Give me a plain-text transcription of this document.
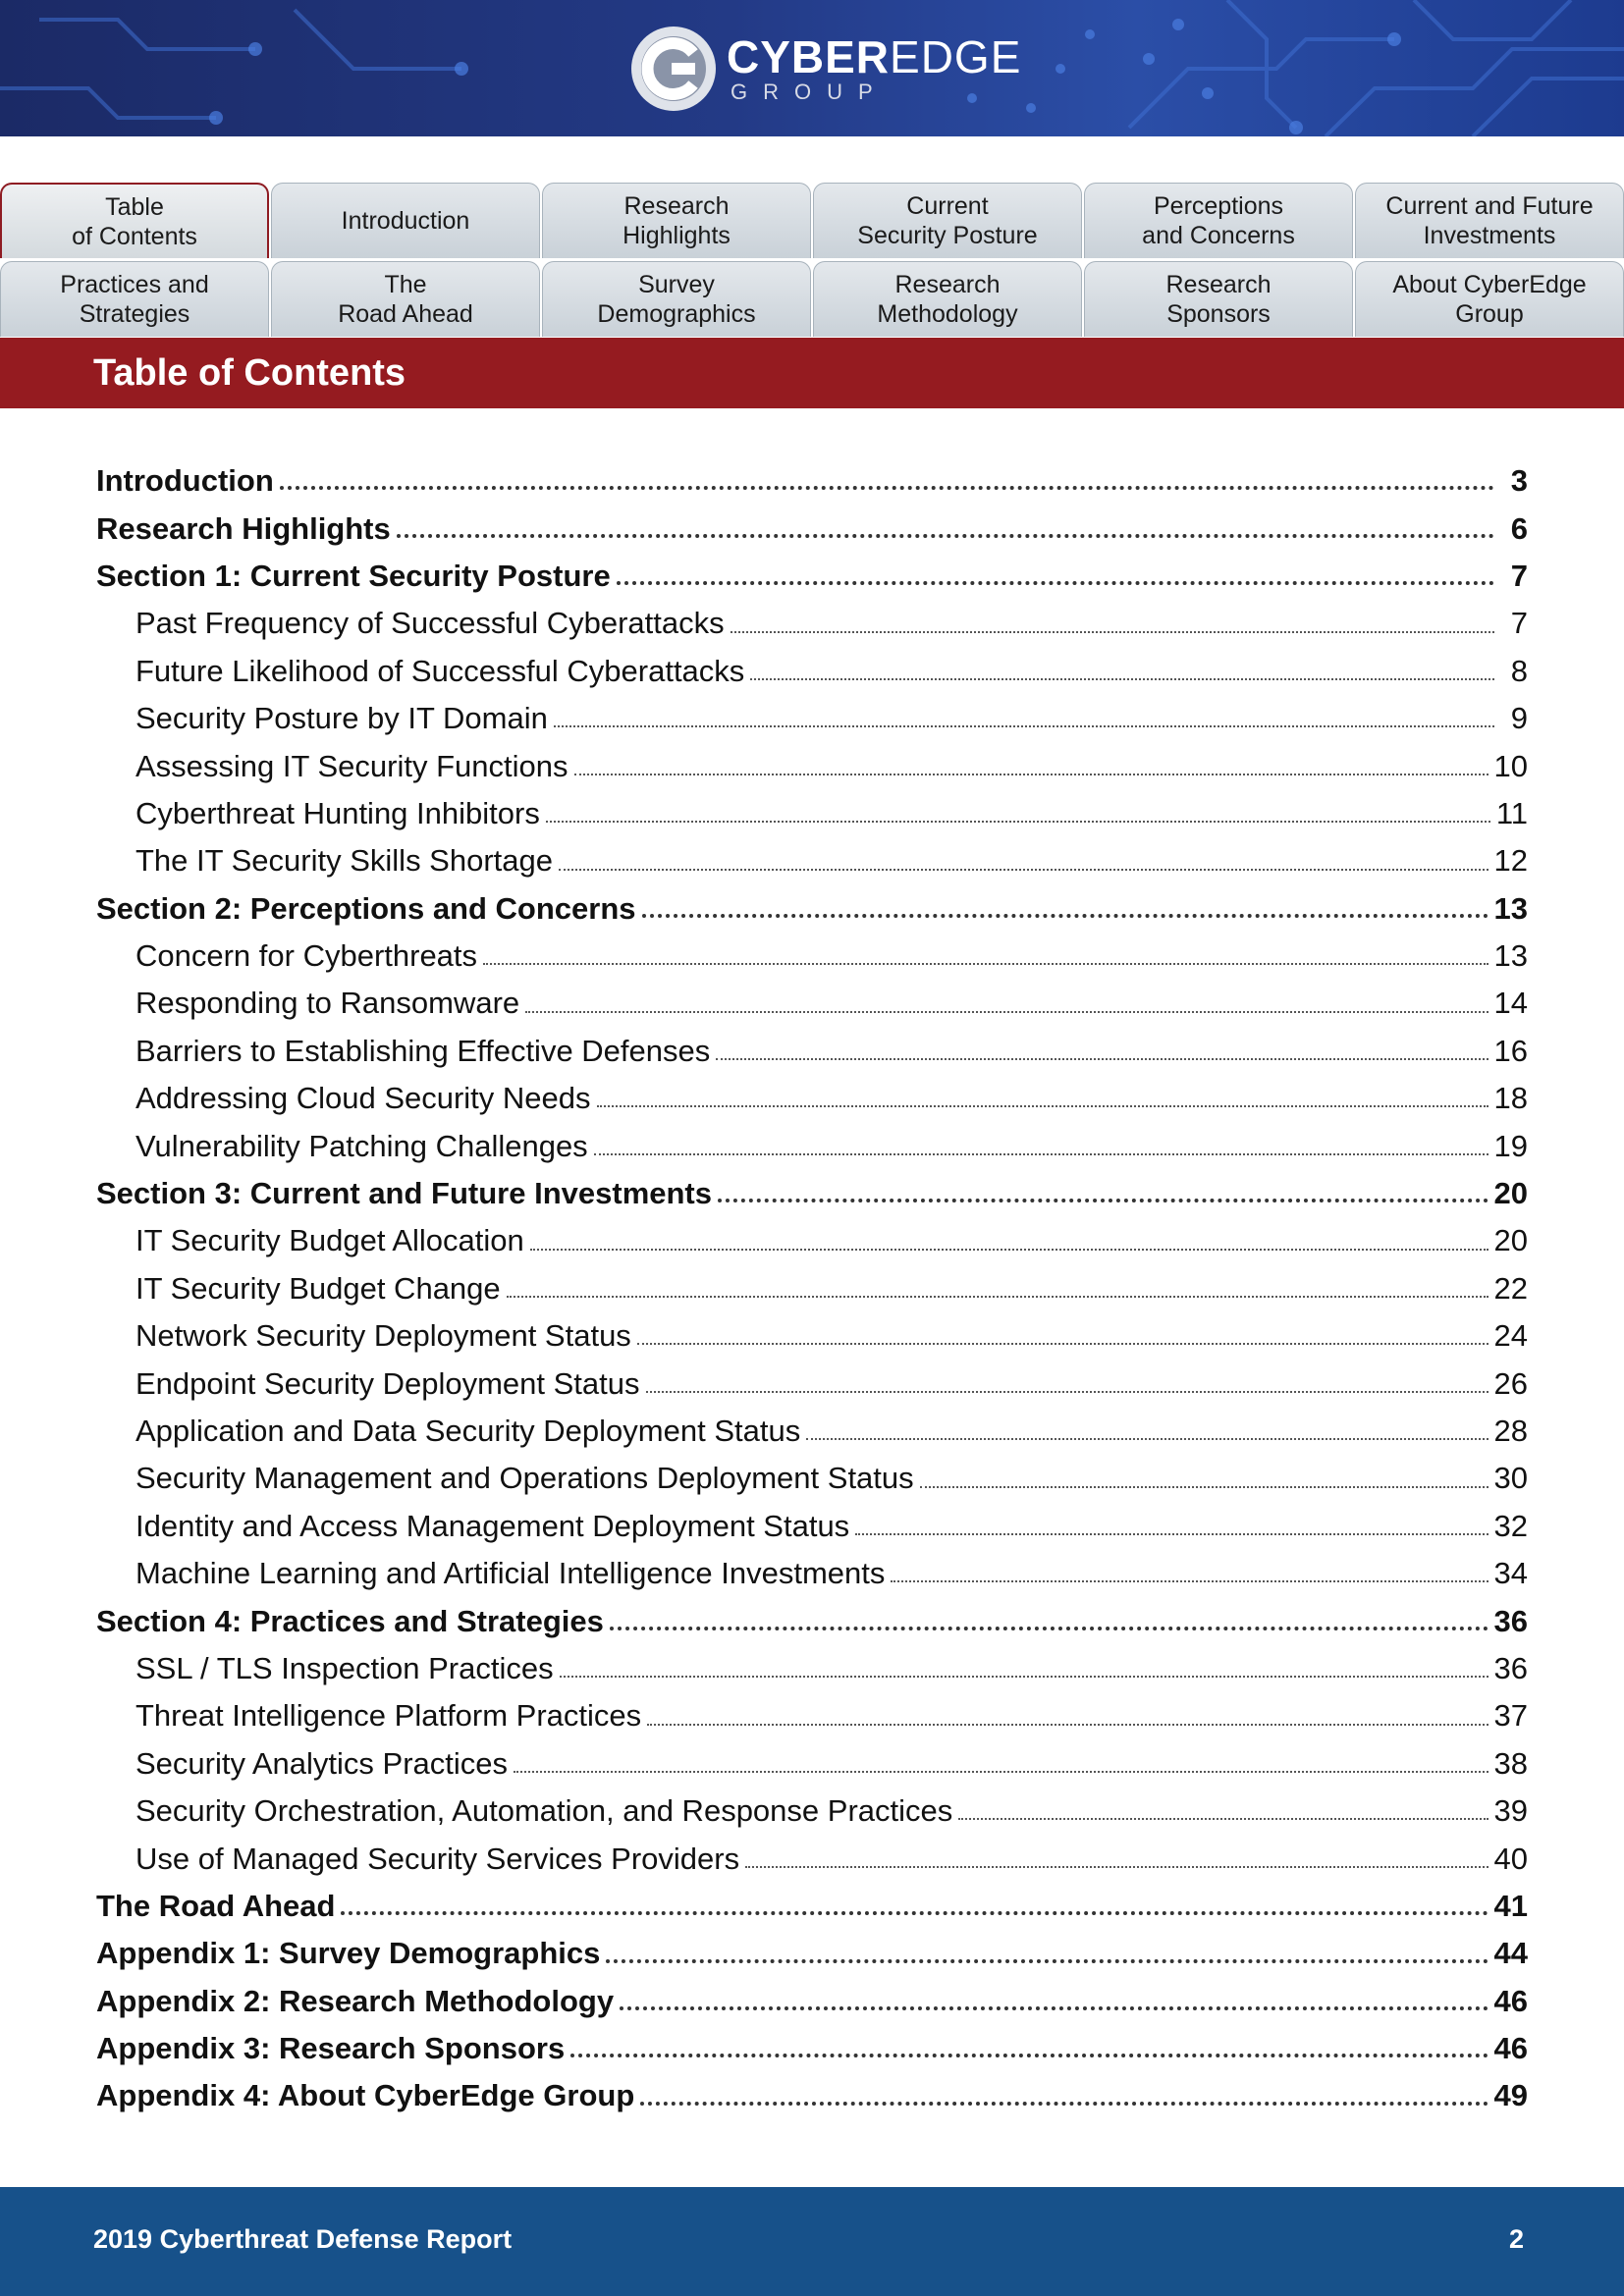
CYBEREDGE
GROUP
Table
of Contents
Introduction
Research
Highlights
Current
Security Posture
Perceptions
and Concerns
Current and Future
Investments
Practices and
Strategies
The
Road Ahead
Survey
Demographics
Research
Methodology
Research
Sponsors
About CyberEdge
Group
Table of Contents
Introduction	3
Research Highlights	6
Section 1: Current Security Posture	7
Past Frequency of Successful Cyberattacks	7
Future Likelihood of Successful Cyberattacks	8
Security Posture by IT Domain	9
Assessing IT Security Functions	10
Cyberthreat Hunting Inhibitors	11
The IT Security Skills Shortage	12
Section 2: Perceptions and Concerns	13
Concern for Cyberthreats	13
Responding to Ransomware	14
Barriers to Establishing Effective Defenses	16
Addressing Cloud Security Needs	18
Vulnerability Patching Challenges	19
Section 3: Current and Future Investments	20
IT Security Budget Allocation	20
IT Security Budget Change	22
Network Security Deployment Status	24
Endpoint Security Deployment Status	26
Application and Data Security Deployment Status	28
Security Management and Operations Deployment Status	30
Identity and Access Management Deployment Status	32
Machine Learning and Artificial Intelligence Investments	34
Section 4: Practices and Strategies	36
SSL / TLS Inspection Practices	36
Threat Intelligence Platform Practices	37
Security Analytics Practices	38
Security Orchestration, Automation, and Response Practices	39
Use of Managed Security Services Providers	40
The Road Ahead	41
Appendix 1: Survey Demographics	44
Appendix 2: Research Methodology	46
Appendix 3: Research Sponsors	46
Appendix 4: About CyberEdge Group	49
2019 Cyberthreat Defense Report	2
